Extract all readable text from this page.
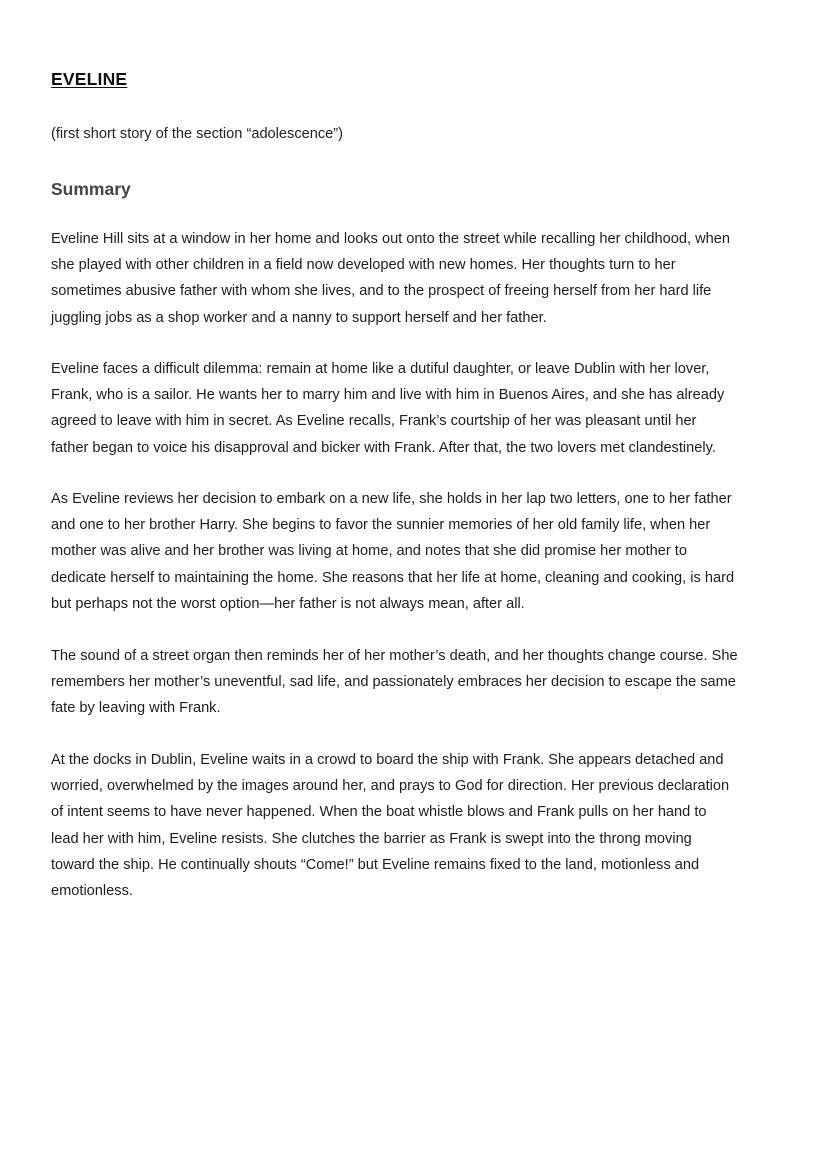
EVELINE

(first short story of the section “adolescence”)

Summary

Eveline Hill sits at a window in her home and looks out onto the street while recalling her childhood, when
she played with other children in a field now developed with new homes. Her thoughts turn to her
sometimes abusive father with whom she lives, and to the prospect of freeing herself from her hard life
juggling jobs as a shop worker and a nanny to support herself and her father.

Eveline faces a difficult dilemma: remain at home like a dutiful daughter, or leave Dublin with her lover,
Frank, who is a sailor. He wants her to marry him and live with him in Buenos Aires, and she has already
agreed to leave with him in secret. As Eveline recalls, Frank’s courtship of her was pleasant until her
father began to voice his disapproval and bicker with Frank. After that, the two lovers met clandestinely.

As Eveline reviews her decision to embark on a new life, she holds in her lap two letters, one to her father
and one to her brother Harry. She begins to favor the sunnier memories of her old family life, when her
mother was alive and her brother was living at home, and notes that she did promise her mother to
dedicate herself to maintaining the home. She reasons that her life at home, cleaning and cooking, is hard
but perhaps not the worst option—her father is not always mean, after all.

The sound of a street organ then reminds her of her mother’s death, and her thoughts change course. She
remembers her mother’s uneventful, sad life, and passionately embraces her decision to escape the same
fate by leaving with Frank.

At the docks in Dublin, Eveline waits in a crowd to board the ship with Frank. She appears detached and
worried, overwhelmed by the images around her, and prays to God for direction. Her previous declaration
of intent seems to have never happened. When the boat whistle blows and Frank pulls on her hand to
lead her with him, Eveline resists. She clutches the barrier as Frank is swept into the throng moving
toward the ship. He continually shouts “Come!” but Eveline remains fixed to the land, motionless and
emotionless.
